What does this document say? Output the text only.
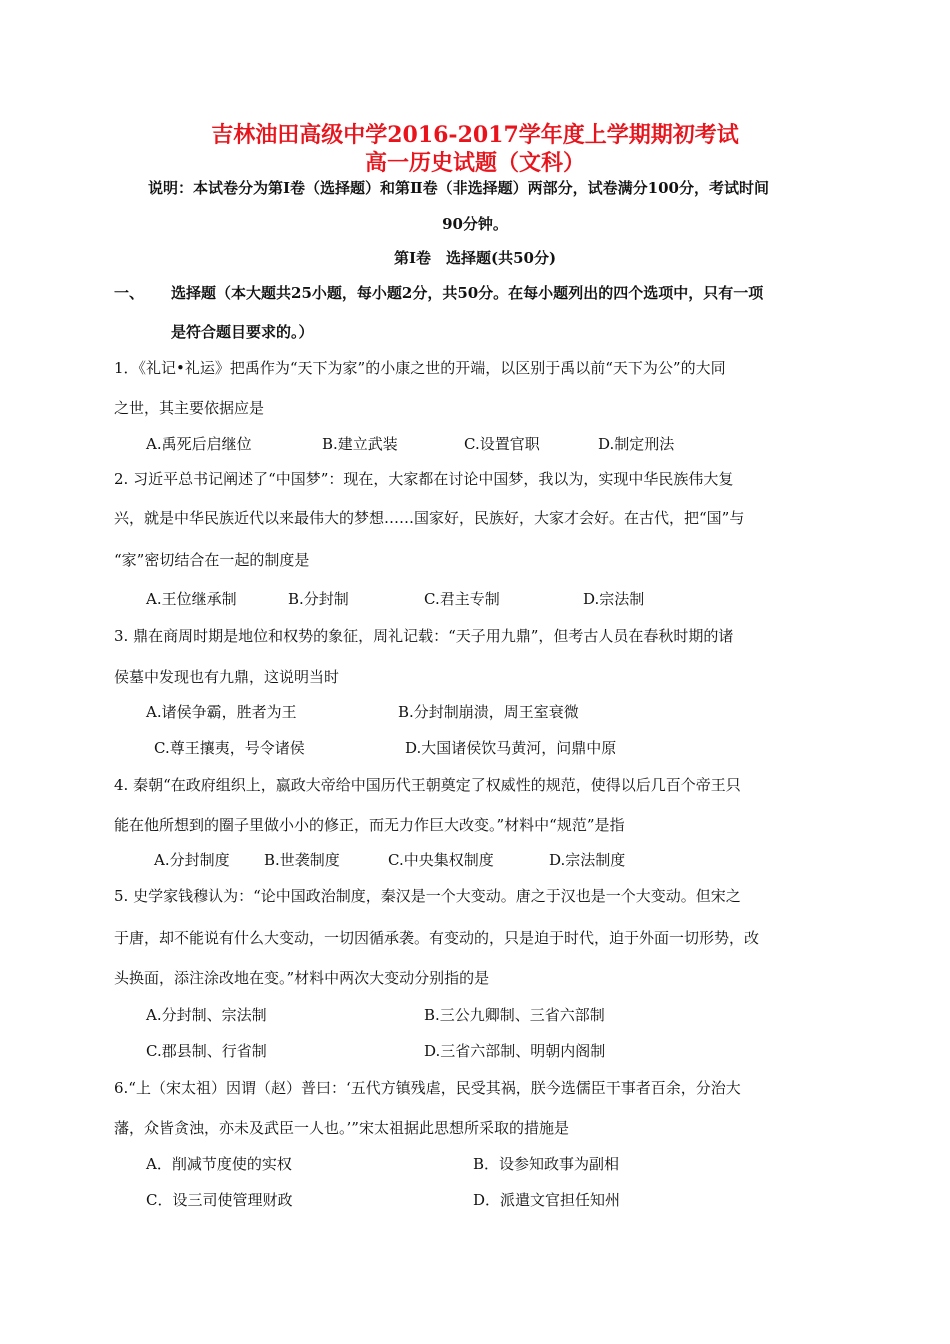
吉林油田高级中学2016-2017学年度上学期期初考试
高一历史试题（文科）
说明：本试卷分为第Ⅰ卷（选择题）和第Ⅱ卷（非选择题）两部分，试卷满分100分，考试时间
90分钟。
第Ⅰ卷　选择题(共50分)
一、 选择题（本大题共25小题，每小题2分，共50分。在每小题列出的四个选项中，只有一项
是符合题目要求的。）
1．《礼记•礼运》把禹作为“天下为家”的小康之世的开端，以区别于禹以前“天下为公”的大同
之世，其主要依据应是
A.禹死后启继位	B.建立武装	C.设置官职	D.制定刑法
2. 习近平总书记阐述了“中国梦”：现在，大家都在讨论中国梦，我以为，实现中华民族伟大复
兴，就是中华民族近代以来最伟大的梦想……国家好，民族好，大家才会好。在古代，把“国”与
“家”密切结合在一起的制度是
A.王位继承制	B.分封制	C.君主专制	D.宗法制
3. 鼎在商周时期是地位和权势的象征，周礼记载：“天子用九鼎”，但考古人员在春秋时期的诸
侯墓中发现也有九鼎，这说明当时
A.诸侯争霸，胜者为王	B.分封制崩溃，周王室衰微
C.尊王攘夷，号令诸侯	D.大国诸侯饮马黄河，问鼎中原
4. 秦朝“在政府组织上，嬴政大帝给中国历代王朝奠定了权威性的规范，使得以后几百个帝王只
能在他所想到的圈子里做小小的修正，而无力作巨大改变。”材料中“规范”是指
A.分封制度 B.世袭制度	C.中央集权制度	D.宗法制度
5. 史学家钱穆认为：“论中国政治制度，秦汉是一个大变动。唐之于汉也是一个大变动。但宋之
于唐，却不能说有什么大变动，一切因循承袭。有变动的，只是迫于时代，迫于外面一切形势，改
头换面，添注涂改地在变。”材料中两次大变动分别指的是
A.分封制、宗法制	B.三公九卿制、三省六部制
C.郡县制、行省制	D.三省六部制、明朝内阁制
6.“上（宋太祖）因谓（赵）普曰：‘五代方镇残虐，民受其祸，朕今选儒臣干事者百余，分治大
藩，众皆贪浊，亦未及武臣一人也。’”宋太祖据此思想所采取的措施是
A．削减节度使的实权	B．设参知政事为副相
C．设三司使管理财政	D．派遣文官担任知州
